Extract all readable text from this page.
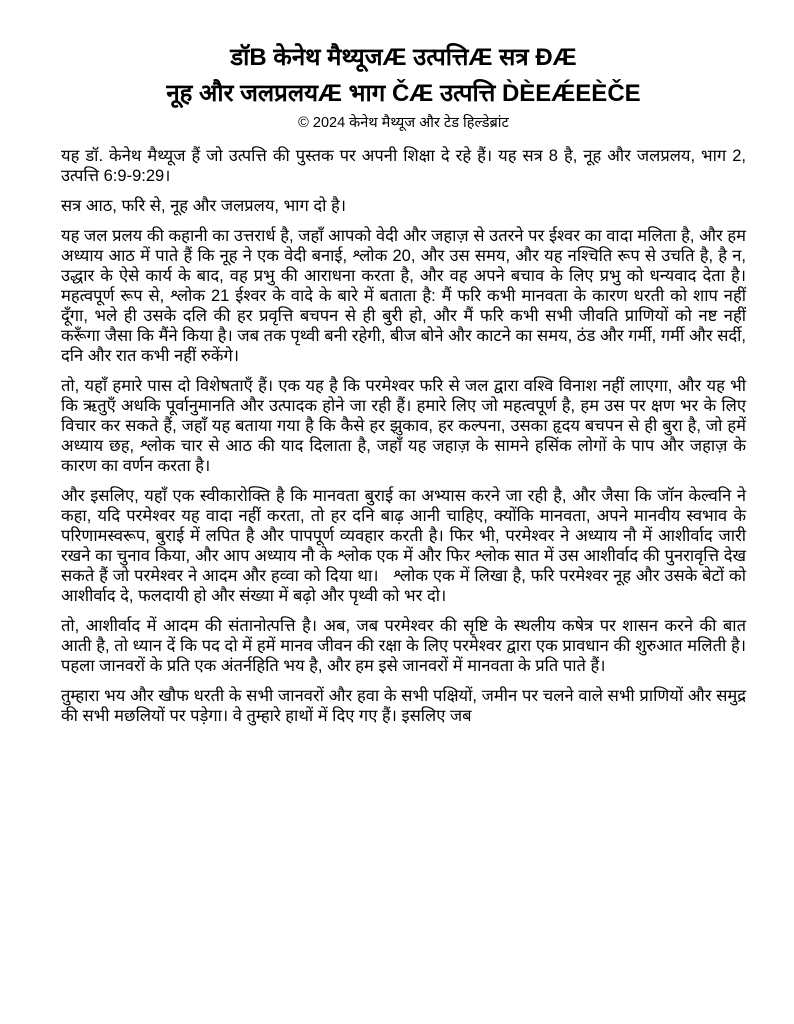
डॉB केनेथ मैथ्यूजÆ उत्पत्तिÆ सत्र ÐÆ
नूह और जलप्रलयÆ भाग ČÆ उत्पत्ति D̀ÈEǼEÈČE
© 2024 केनेथ मैथ्यूज और टेड हिल्डेब्रांट

यह डॉ. केनेथ मैथ्यूज हैं जो उत्पत्ति की पुस्तक पर अपनी शिक्षा दे रहे हैं। यह सत्र 8 है, नूह और जलप्रलय, भाग 2, उत्पत्ति 6:9-9:29।

सत्र आठ, फरि से, नूह और जलप्रलय, भाग दो है।

यह जल प्रलय की कहानी का उत्तरार्ध है, जहाँ आपको वेदी और जहाज़ से उतरने पर ईश्वर का वादा मलिता है, और हम अध्याय आठ में पाते हैं कि नूह ने एक वेदी बनाई, श्लोक 20, और उस समय, और यह नश्चिति रूप से उचति है, है न, उद्धार के ऐसे कार्य के बाद, वह प्रभु की आराधना करता है, और वह अपने बचाव के लिए प्रभु को धन्यवाद देता है। महत्वपूर्ण रूप से, श्लोक 21 ईश्वर के वादे के बारे में बताता है: मैं फरि कभी मानवता के कारण धरती को शाप नहीं दूँगा, भले ही उसके दलि की हर प्रवृत्ति बचपन से ही बुरी हो, और मैं फरि कभी सभी जीवति प्राणियों को नष्ट नहीं करूँगा जैसा कि मैंने किया है। जब तक पृथ्वी बनी रहेगी, बीज बोने और काटने का समय, ठंड और गर्मी, गर्मी और सर्दी, दनि और रात कभी नहीं रुकेंगे।

तो, यहाँ हमारे पास दो विशेषताएँ हैं। एक यह है कि परमेश्वर फरि से जल द्वारा वश्वि विनाश नहीं लाएगा, और यह भी कि ऋतुएँ अधकि पूर्वानुमानति और उत्पादक होने जा रही हैं। हमारे लिए जो महत्वपूर्ण है, हम उस पर क्षण भर के लिए विचार कर सकते हैं, जहाँ यह बताया गया है कि कैसे हर झुकाव, हर कल्पना, उसका हृदय बचपन से ही बुरा है, जो हमें अध्याय छह, श्लोक चार से आठ की याद दिलाता है, जहाँ यह जहाज़ के सामने हसिंक लोगों के पाप और जहाज़ के कारण का वर्णन करता है।

और इसलिए, यहाँ एक स्वीकारोक्ति है कि मानवता बुराई का अभ्यास करने जा रही है, और जैसा कि जॉन केल्वनि ने कहा, यदि परमेश्वर यह वादा नहीं करता, तो हर दनि बाढ़ आनी चाहिए, क्योंकि मानवता, अपने मानवीय स्वभाव के परिणामस्वरूप, बुराई में लपित है और पापपूर्ण व्यवहार करती है। फिर भी, परमेश्वर ने अध्याय नौ में आशीर्वाद जारी रखने का चुनाव किया, और आप अध्याय नौ के श्लोक एक में और फिर श्लोक सात में उस आशीर्वाद की पुनरावृत्ति देख सकते हैं जो परमेश्वर ने आदम और हव्वा को दिया था।   श्लोक एक में लिखा है, फरि परमेश्वर नूह और उसके बेटों को आशीर्वाद दे, फलदायी हो और संख्या में बढ़ो और पृथ्वी को भर दो।

तो, आशीर्वाद में आदम की संतानोत्पत्ति है। अब, जब परमेश्वर की सृष्टि के स्थलीय कषेत्र पर शासन करने की बात आती है, तो ध्यान दें कि पद दो में हमें मानव जीवन की रक्षा के लिए परमेश्वर द्वारा एक प्रावधान की शुरुआत मलिती है। पहला जानवरों के प्रति एक अंतर्नहिति भय है, और हम इसे जानवरों में मानवता के प्रति पाते हैं।

तुम्हारा भय और खौफ धरती के सभी जानवरों और हवा के सभी पक्षियों, जमीन पर चलने वाले सभी प्राणियों और समुद्र की सभी मछलियों पर पड़ेगा। वे तुम्हारे हाथों में दिए गए हैं। इसलिए जब
